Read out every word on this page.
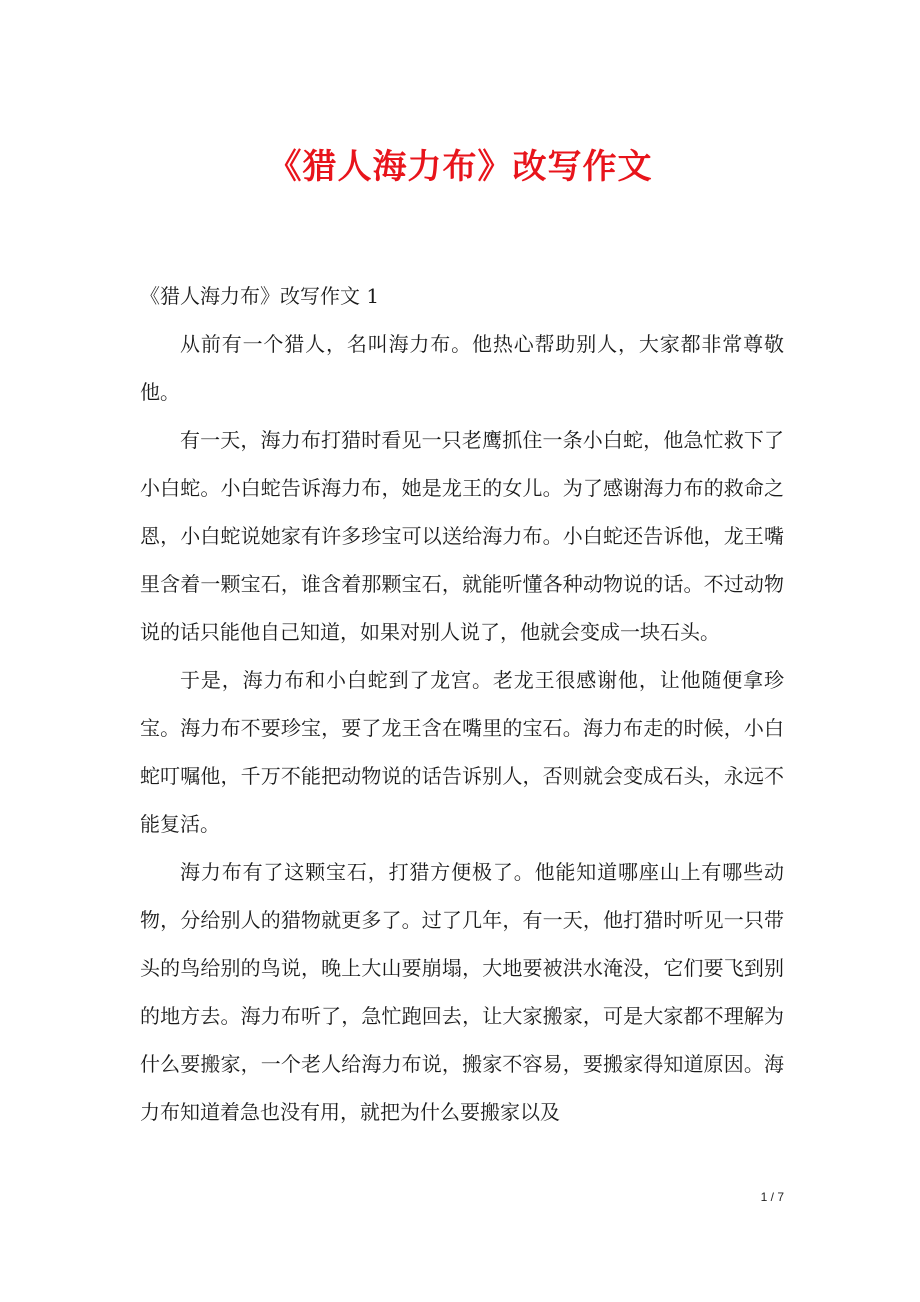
《猎人海力布》改写作文

《猎人海力布》改写作文 1

从前有一个猎人，名叫海力布。他热心帮助别人，大家都非常尊敬他。

有一天，海力布打猎时看见一只老鹰抓住一条小白蛇，他急忙救下了小白蛇。小白蛇告诉海力布，她是龙王的女儿。为了感谢海力布的救命之恩，小白蛇说她家有许多珍宝可以送给海力布。小白蛇还告诉他，龙王嘴里含着一颗宝石，谁含着那颗宝石，就能听懂各种动物说的话。不过动物说的话只能他自己知道，如果对别人说了，他就会变成一块石头。

于是，海力布和小白蛇到了龙宫。老龙王很感谢他，让他随便拿珍宝。海力布不要珍宝，要了龙王含在嘴里的宝石。海力布走的时候，小白蛇叮嘱他，千万不能把动物说的话告诉别人，否则就会变成石头，永远不能复活。

海力布有了这颗宝石，打猎方便极了。他能知道哪座山上有哪些动物，分给别人的猎物就更多了。过了几年，有一天，他打猎时听见一只带头的鸟给别的鸟说，晚上大山要崩塌，大地要被洪水淹没，它们要飞到别的地方去。海力布听了，急忙跑回去，让大家搬家，可是大家都不理解为什么要搬家，一个老人给海力布说，搬家不容易，要搬家得知道原因。海力布知道着急也没有用，就把为什么要搬家以及

1 / 7
